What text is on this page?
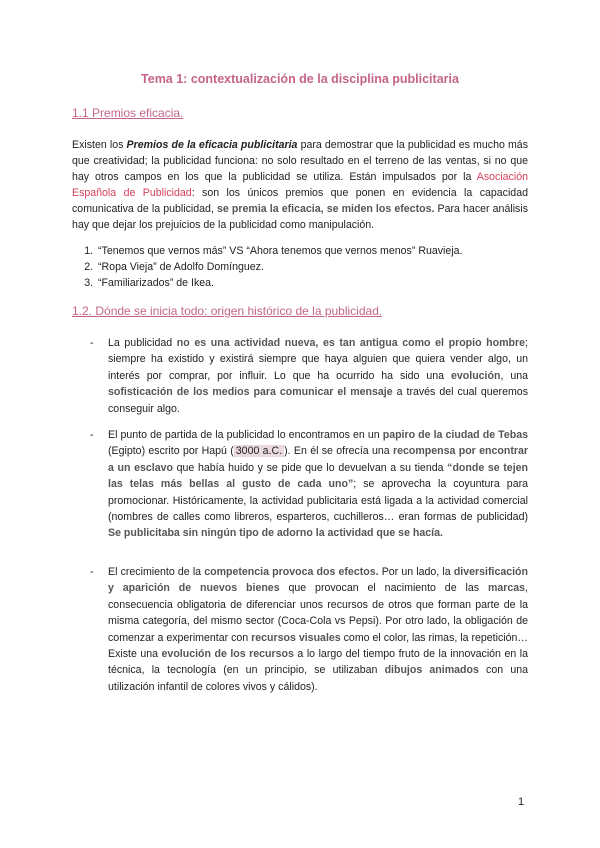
Tema 1: contextualización de la disciplina publicitaria
1.1 Premios eficacia.

Existen los Premios de la eficacia publicitaria para demostrar que la publicidad es mucho más que creatividad; la publicidad funciona: no solo resultado en el terreno de las ventas, si no que hay otros campos en los que la publicidad se utiliza. Están impulsados por la Asociación Española de Publicidad: son los únicos premios que ponen en evidencia la capacidad comunicativa de la publicidad, se premia la eficacia, se miden los efectos. Para hacer análisis hay que dejar los prejuicios de la publicidad como manipulación.

1. “Tenemos que vernos más” VS “Ahora tenemos que vernos menos” Ruavieja.
2. “Ropa Vieja” de Adolfo Domínguez.
3. “Familiarizados” de Ikea.
1.2. Dónde se inicia todo: origen histórico de la publicidad.
- La publicidad no es una actividad nueva, es tan antigua como el propio hombre; siempre ha existido y existirá siempre que haya alguien que quiera vender algo, un interés por comprar, por influir. Lo que ha ocurrido ha sido una evolución, una sofisticación de los medios para comunicar el mensaje a través del cual queremos conseguir algo.

- El punto de partida de la publicidad lo encontramos en un papiro de la ciudad de Tebas (Egipto) escrito por Hapú ( 3000 a.C. ). En él se ofrecía una recompensa por encontrar a un esclavo que había huido y se pide que lo devuelvan a su tienda “donde se tejen las telas más bellas al gusto de cada uno”; se aprovecha la coyuntura para promocionar. Históricamente, la actividad publicitaria está ligada a la actividad comercial (nombres de calles como libreros, esparteros, cuchilleros… eran formas de publicidad) Se publicitaba sin ningún tipo de adorno la actividad que se hacía.

- El crecimiento de la competencia provoca dos efectos. Por un lado, la diversificación y aparición de nuevos bienes que provocan el nacimiento de las marcas, consecuencia obligatoria de diferenciar unos recursos de otros que forman parte de la misma categoría, del mismo sector (Coca-Cola vs Pepsi). Por otro lado, la obligación de comenzar a experimentar con recursos visuales como el color, las rimas, la repetición… Existe una evolución de los recursos a lo largo del tiempo fruto de la innovación en la técnica, la tecnología (en un principio, se utilizaban dibujos animados con una utilización infantil de colores vivos y cálidos).

1
